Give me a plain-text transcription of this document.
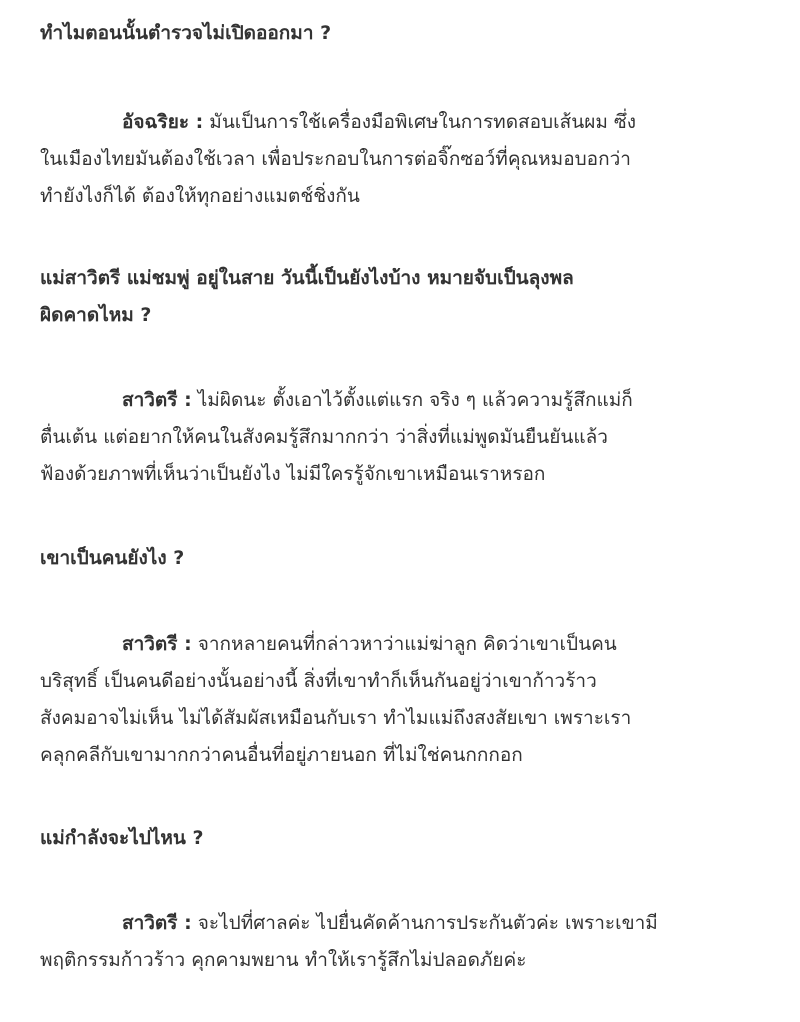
ทำไมตอนนั้นตำรวจไม่เปิดออกมา ?
อัจฉริยะ : มันเป็นการใช้เครื่องมือพิเศษในการทดสอบเส้นผม ซึ่ง
ในเมืองไทยมันต้องใช้เวลา เพื่อประกอบในการต่อจิ๊กซอว์ที่คุณหมอบอกว่า
ทำยังไงก็ได้ ต้องให้ทุกอย่างแมตช์ชิ่งกัน
แม่สาวิตรี แม่ชมพู่ อยู่ในสาย วันนี้เป็นยังไงบ้าง หมายจับเป็นลุงพล
ผิดคาดไหม ?
สาวิตรี : ไม่ผิดนะ ตั้งเอาไว้ตั้งแต่แรก จริง ๆ แล้วความรู้สึกแม่ก็
ตื่นเต้น แต่อยากให้คนในสังคมรู้สึกมากกว่า ว่าสิ่งที่แม่พูดมันยืนยันแล้ว
ฟ้องด้วยภาพที่เห็นว่าเป็นยังไง ไม่มีใครรู้จักเขาเหมือนเราหรอก
เขาเป็นคนยังไง ?
สาวิตรี : จากหลายคนที่กล่าวหาว่าแม่ฆ่าลูก คิดว่าเขาเป็นคน
บริสุทธิ์ เป็นคนดีอย่างนั้นอย่างนี้ สิ่งที่เขาทำก็เห็นกันอยู่ว่าเขาก้าวร้าว
สังคมอาจไม่เห็น ไม่ได้สัมผัสเหมือนกับเรา ทำไมแม่ถึงสงสัยเขา เพราะเรา
คลุกคลีกับเขามากกว่าคนอื่นที่อยู่ภายนอก ที่ไม่ใช่คนกกกอก
แม่กำลังจะไปไหน ?
สาวิตรี : จะไปที่ศาลค่ะ ไปยื่นคัดค้านการประกันตัวค่ะ เพราะเขามี
พฤติกรรมก้าวร้าว คุกคามพยาน ทำให้เรารู้สึกไม่ปลอดภัยค่ะ
